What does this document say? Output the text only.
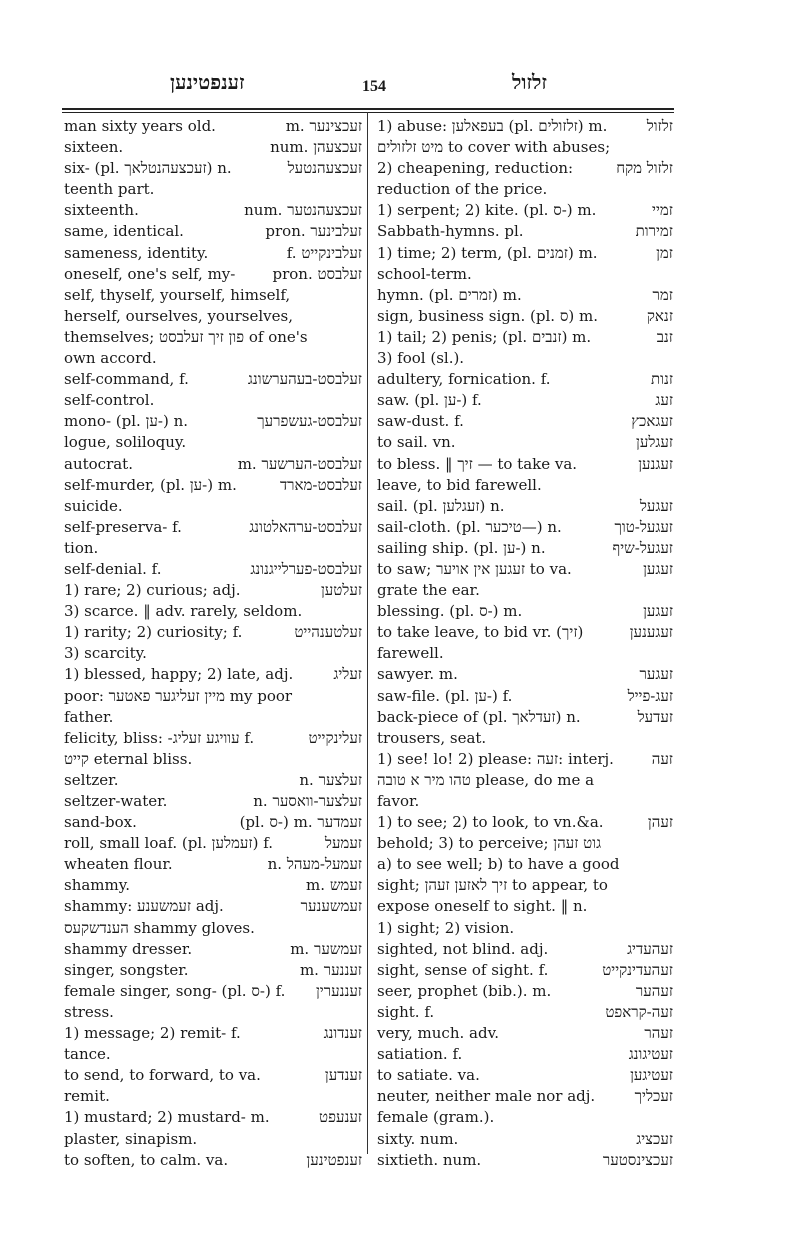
זענפטינען	154	זלזול
man sixty years old.	m. זעכצינער
sixteen.	num. זעכצעהן
six- (pl. זעכצעהנטלאך) n.	זעכצעהנטעל
teenth part.
sixteenth.	num. זעכצעהנטער
same, identical.	pron. זעלבינער
sameness, identity.	f. זעלבינקייט
oneself, one's self, my- pron. זעלבסט
self, thyself, yourself, himself,
herself, ourselves, yourselves,
themselves; פון זיך זעלבסט of one's
own accord.
self-command, f.	זעלבסט-בעהערשונג
self-control.
mono- (pl. ען-) n.	זעלבסט-געשפרעך
logue, soliloquy.
autocrat.	m. זעלבסט-הערשער
self-murder, (pl. ען-) m.	זעלבסט-מארד
suicide.
self-preserva- f.	זעלבסט-ערהאלטונג
tion.
self-denial. f.	זעלבסט-פערלייגנונג
1) rare; 2) curious; adj.	זעלטען
3) scarce. ‖ adv. rarely, seldom.
1) rarity; 2) curiosity; f.	זעלטענהייט
3) scarcity.
1) blessed, happy; 2) late, adj.	זעליג
poor: מיין זעליגער פאטער my poor
father.
felicity, bliss: -עוויגע זעליג f.	זעלינקייט
קייט eternal bliss.
seltzer.	n. זעלצער
seltzer-water.	n. זעלצער-וואסער
sand-box.	(pl. ס-) m. זעמדער
roll, small loaf. (pl. זעמלען) f.	זעמעל
wheaten flour.	n. זעמעל-מעהל
shammy.	m. זעמש
shammy: זעמשענע adj.	זעמשענער
הענדשקעס shammy gloves.
shammy dresser.	m. זעמשער
singer, songster.	m. זעננער
female singer, song- (pl. ס-) f. זעננערין
stress.
1) message; 2) remit- f.	זענדונג
tance.
to send, to forward, to va.	זענדען
remit.
1) mustard; 2) mustard- m.	זענעפט
plaster, sinapism.
to soften, to calm. va.	זענפטינען
1) abuse: בעפאלען (pl. זלזולים) m.	זלזול
מיט זלזולים to cover with abuses;
2) cheapening, reduction:	זלזול מקח
reduction of the price.
1) serpent; 2) kite. (pl. ס-) m.	זמיי
Sabbath-hymns. pl.	זמירות
1) time; 2) term, (pl. זמנים) m.	זמן
school-term.
hymn. (pl. זמרים) m.	זמר
sign, business sign. (pl. ס) m.	זנאק
1) tail; 2) penis; (pl. זנבים) m.	זנב
3) fool (sl.).
adultery, fornication. f.	זנות
saw. (pl. ען-) f.	זעג
saw-dust. f.	זעגאכץ
to sail. vn.	זעגלען
to bless. ‖ זיך — to take va.	זעגנען
leave, to bid farewell.
sail. (pl. זעגלען) n.	זעגעל
sail-cloth. (pl. טיכער—) n.	זעגעל-טוך
sailing ship. (pl. ען-) n.	זעגעל-שיף
to saw; זעגען אין אויער to va.	זעגען
grate the ear.
blessing. (pl. ס-) m.	זעגען
to take leave, to bid vr. (זיך)	זעגענען
farewell.
sawyer. m.	זעגער
saw-file. (pl. ען-) f.	זעג-פייל
back-piece of (pl. זעדלאך) n.	זעדעל
trousers, seat.
1) see! lo! 2) please: זעה: interj.	זעה
טהו מיר א טובה please, do me a
favor.
1) to see; 2) to look, to vn.&a.	זעהן
behold; 3) to perceive; גוט זעהן
a) to see well; b) to have a good
sight; זיך לאזען זעהן to appear, to
expose oneself to sight. ‖ n.
1) sight; 2) vision.
sighted, not blind. adj.	זעהעדיג
sight, sense of sight. f.	זעהעדינקייט
seer, prophet (bib.). m.	זעהער
sight. f.	זעה-קראפט
very, much. adv.	זעהר
satiation. f.	זעטיגונג
to satiate. va.	זעטיגען
neuter, neither male nor adj.	זעכליך
female (gram.).
sixty. num.	זעכציג
sixtieth. num.	זעכצינסטער
